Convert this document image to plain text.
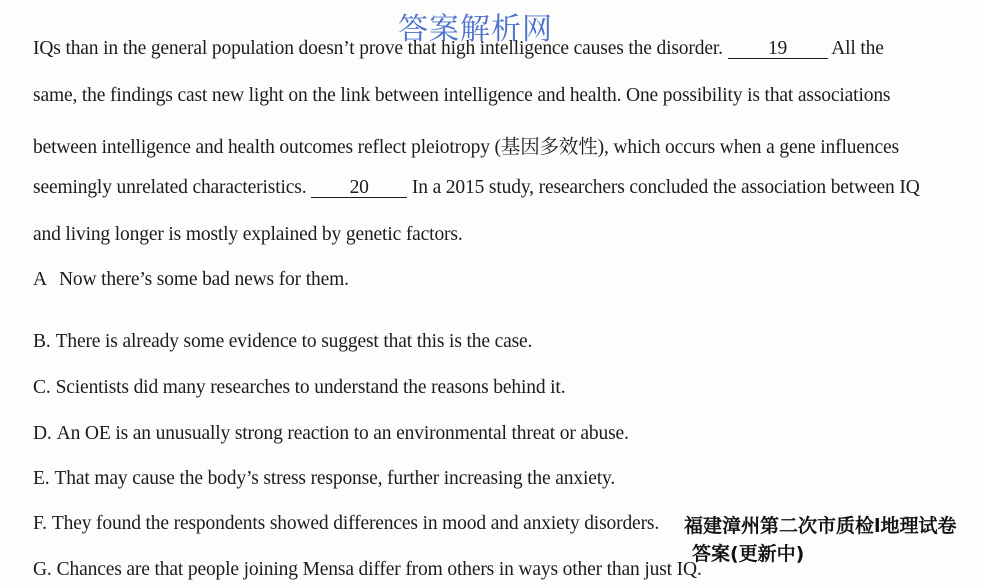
答案解析网
IQs than in the general population doesn’t prove that high intelligence causes the disorder. 19 All the
same, the findings cast new light on the link between intelligence and health. One possibility is that associations
between intelligence and health outcomes reflect pleiotropy (基因多效性), which occurs when a gene influences
seemingly unrelated characteristics. 20 In a 2015 study, researchers concluded the association between IQ
and living longer is mostly explained by genetic factors.
A Now there’s some bad news for them.
B. There is already some evidence to suggest that this is the case.
C. Scientists did many researches to understand the reasons behind it.
D. An OE is an unusually strong reaction to an environmental threat or abuse.
E. That may cause the body’s stress response, further increasing the anxiety.
F. They found the respondents showed differences in mood and anxiety disorders.
G. Chances are that people joining Mensa differ from others in ways other than just IQ.
福建漳州第二次市质检l地理试卷
答案(更新中)
